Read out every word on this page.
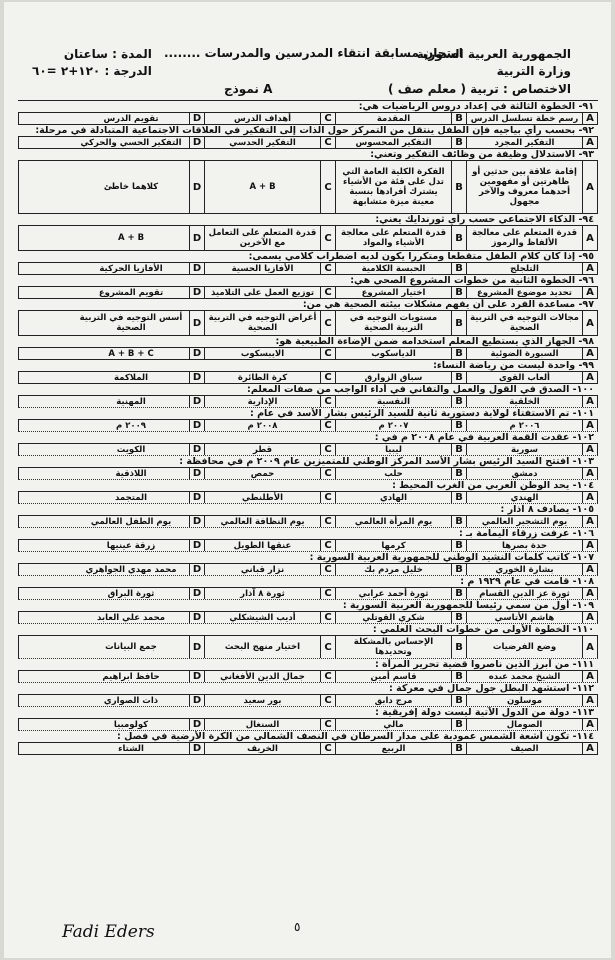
الجمهورية العربية السورية
وزارة التربية
امتحان مسابقة انتقاء المدرسين والمدرسات ........
المدة : ساعتان
الدرجة : ١٢٠+٢ =٦٠
الاختصاص : تربية ( معلم صف )
نموذج A
٩١- الخطوة الثالثة في إعداد دروس الرياضيات هي:
A
رسم خطة تسلسل الدرس
B
المقدمة
C
أهداف الدرس
D
تقويم الدرس
٩٢- بحسب رأي بياجيه فإن الطفل ينتقل من التمركز حول الذات إلى التفكير في العلاقات الاجتماعية المتبادلة في مرحلة:
A
التفكير المجرد
B
التفكير المحسوس
C
التفكير الحدسي
D
التفكير الحسي والحركي
٩٣- الاستدلال وظيفة من وظائف التفكير وتعني:
A
إقامة علاقة بين حدثين أو ظاهرتين أو مفهومين أحدهما معروف والآخر مجهول
B
الفكرة الكلية العامة التي تدل على فئة من الأشياء يشترك أفرادها بنسبة معينة ميزة متشابهة
C
A + B
D
كلاهما خاطئ
٩٤- الذكاء الاجتماعي حسب رأي ثورندايك يعني:
A
قدرة المتعلم على معالجة الألفاظ والرموز
B
قدرة المتعلم على معالجة الأشياء والمواد
C
قدرة المتعلم على التعامل مع الآخرين
D
A + B
٩٥- إذا كان كلام الطفل متقطعا ومتكررا يكون لديه اضطراب كلامي يسمى:
A
التلجلج
B
الحبسة الكلامية
C
الأفازيا الحسية
D
الأفازيا الحركية
٩٦- الخطوة الثانية من خطوات المشروع الصحي هي:
A
تحديد موضوع المشروع
B
اختيار المشروع
C
توزيع العمل على التلاميذ
D
تقويم المشروع
٩٧- مساعدة الفرد على أن يفهم مشكلات بيئته الصحية هي من:
A
مجالات التوجيه في التربية الصحية
B
مستويات التوجيه في التربية الصحية
C
أغراض التوجيه في التربية الصحية
D
أسس التوجيه في التربية الصحية
٩٨- الجهاز الذي يستطيع المعلم استخدامه ضمن الإضاءة الطبيعية هو:
A
السبورة الضوئية
B
الدياسكوب
C
الايبسكوب
D
A + B + C
٩٩- واحدة ليست من رياضة النساء:
A
ألعاب القوى
B
سباق الزوارق
C
كرة الطائرة
D
الملاكمة
١٠٠- الصدق في القول والعمل والتفاني في أداء الواجب من صفات المعلم:
A
الخلقية
B
النفسية
C
الإدارية
D
المهنية
١٠١- تم الاستفتاء لولاية دستورية ثانية للسيد الرئيس بشار الأسد في عام :
A
٢٠٠٦ م
B
٢٠٠٧ م
C
٢٠٠٨ م
D
٢٠٠٩ م
١٠٢- عقدت القمة العربية في عام ٢٠٠٨ م في :
A
سورية
B
ليبيا
C
قطر
D
الكويت
١٠٣- افتتح السيد الرئيس بشار الأسد المركز الوطني للمتميزين عام ٢٠٠٩ م في محافظة :
A
دمشق
B
حلب
C
حمص
D
اللاذقية
١٠٤- يحد الوطن العربي من الغرب المحيط :
A
الهندي
B
الهادي
C
الأطلنطي
D
المتجمد
١٠٥- يصادف ٨ آذار :
A
يوم التشجير العالمي
B
يوم المرأة العالمي
C
يوم النظافة العالمي
D
يوم الطفل العالمي
١٠٦- عرفت زرقاء اليمامة بـ :
A
حدة بصرها
B
كرمها
C
عنقها الطويل
D
زرقة عينيها
١٠٧- كاتب كلمات النشيد الوطني للجمهورية العربية السورية :
A
بشارة الخوري
B
خليل مردم بك
C
نزار قباني
D
محمد مهدي الجواهري
١٠٨- قامت في عام ١٩٢٩ م :
A
ثورة عز الدين القسام
B
ثورة أحمد عرابي
C
ثورة ٨ آذار
D
ثورة البراق
١٠٩- أول من سمي رئيساً للجمهورية العربية السورية :
A
هاشم الأتاسي
B
شكري القوتلي
C
أديب الشيشكلي
D
محمد علي العابد
١١٠- الخطوة الأولى من خطوات البحث العلمي :
A
وضع الفرضيات
B
الإحساس بالمشكلة وتحديدها
C
اختيار منهج البحث
D
جمع البيانات
١١١- من أبرز الذين ناصروا قضية تحرير المرأة :
A
الشيخ محمد عبده
B
قاسم أمين
C
جمال الدين الأفغاني
D
حافظ ابراهيم
١١٢- استشهد البطل جول جمال في معركة :
A
موسلون
B
مرج دابق
C
بور سعيد
D
ذات الصواري
١١٣- دولة من الدول الآتية ليست دولة إفريقية :
A
الصومال
B
مالي
C
السنغال
D
كولومبيا
١١٤- تكون أشعة الشمس عمودية على مدار السرطان في النصف الشمالي من الكرة الأرضية في فصل :
A
الصيف
B
الربيع
C
الخريف
D
الشتاء
Fadi Eders	٥
